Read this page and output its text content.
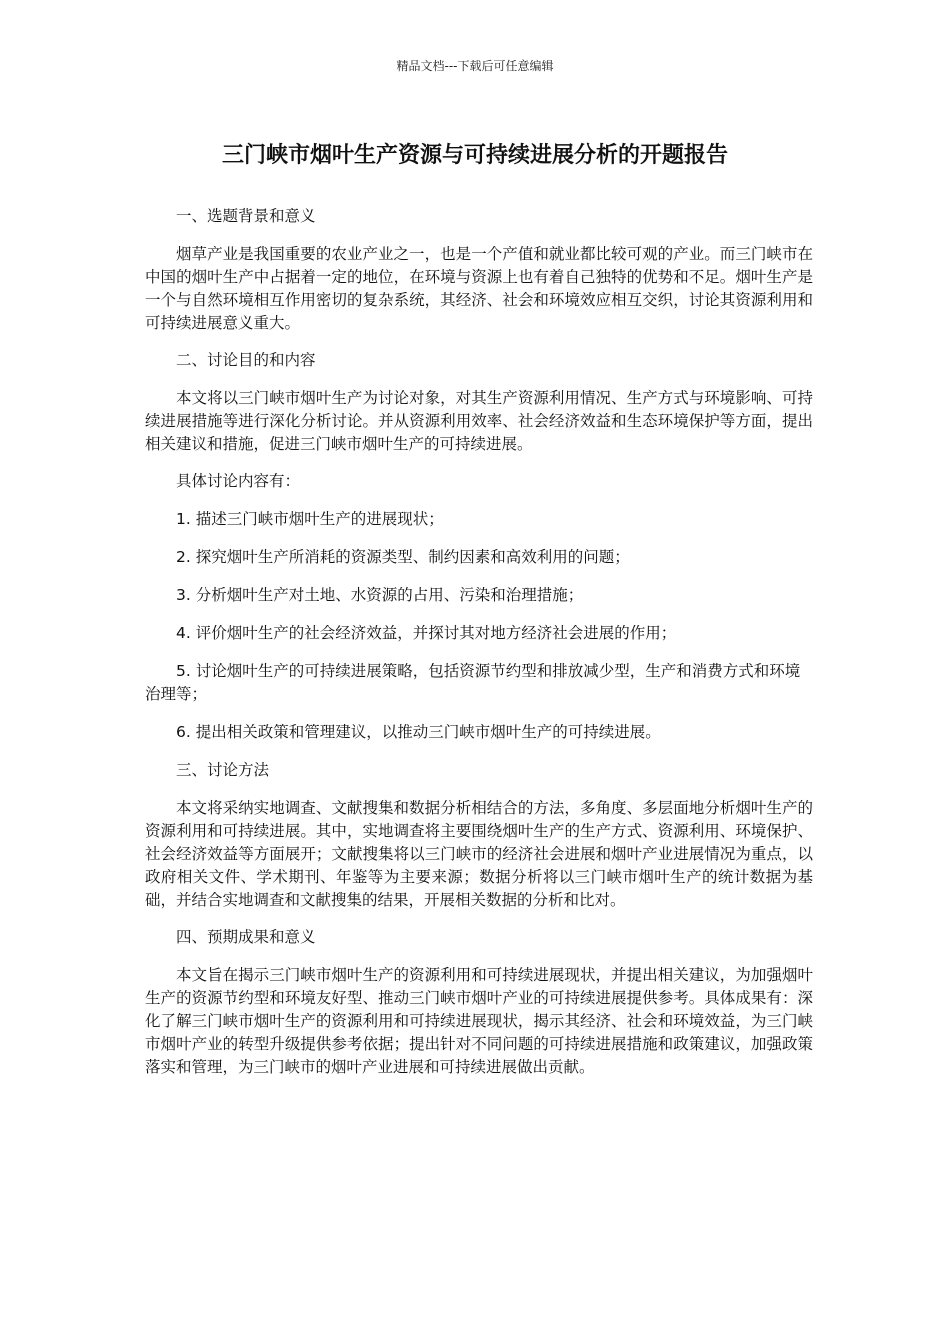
精品文档---下载后可任意编辑
三门峡市烟叶生产资源与可持续进展分析的开题报告

一、选题背景和意义

烟草产业是我国重要的农业产业之一，也是一个产值和就业都比较可观的产业。而三门峡市在中国的烟叶生产中占据着一定的地位，在环境与资源上也有着自己独特的优势和不足。烟叶生产是一个与自然环境相互作用密切的复杂系统，其经济、社会和环境效应相互交织，讨论其资源利用和可持续进展意义重大。

二、讨论目的和内容

本文将以三门峡市烟叶生产为讨论对象，对其生产资源利用情况、生产方式与环境影响、可持续进展措施等进行深化分析讨论。并从资源利用效率、社会经济效益和生态环境保护等方面，提出相关建议和措施，促进三门峡市烟叶生产的可持续进展。

具体讨论内容有：

1. 描述三门峡市烟叶生产的进展现状；

2. 探究烟叶生产所消耗的资源类型、制约因素和高效利用的问题；

3. 分析烟叶生产对土地、水资源的占用、污染和治理措施；

4. 评价烟叶生产的社会经济效益，并探讨其对地方经济社会进展的作用；

5. 讨论烟叶生产的可持续进展策略，包括资源节约型和排放减少型，生产和消费方式和环境治理等；

6. 提出相关政策和管理建议，以推动三门峡市烟叶生产的可持续进展。

三、讨论方法

本文将采纳实地调查、文献搜集和数据分析相结合的方法，多角度、多层面地分析烟叶生产的资源利用和可持续进展。其中，实地调查将主要围绕烟叶生产的生产方式、资源利用、环境保护、社会经济效益等方面展开；文献搜集将以三门峡市的经济社会进展和烟叶产业进展情况为重点，以政府相关文件、学术期刊、年鉴等为主要来源；数据分析将以三门峡市烟叶生产的统计数据为基础，并结合实地调查和文献搜集的结果，开展相关数据的分析和比对。

四、预期成果和意义

本文旨在揭示三门峡市烟叶生产的资源利用和可持续进展现状，并提出相关建议，为加强烟叶生产的资源节约型和环境友好型、推动三门峡市烟叶产业的可持续进展提供参考。具体成果有：深化了解三门峡市烟叶生产的资源利用和可持续进展现状，揭示其经济、社会和环境效益，为三门峡市烟叶产业的转型升级提供参考依据；提出针对不同问题的可持续进展措施和政策建议，加强政策落实和管理，为三门峡市的烟叶产业进展和可持续进展做出贡献。
